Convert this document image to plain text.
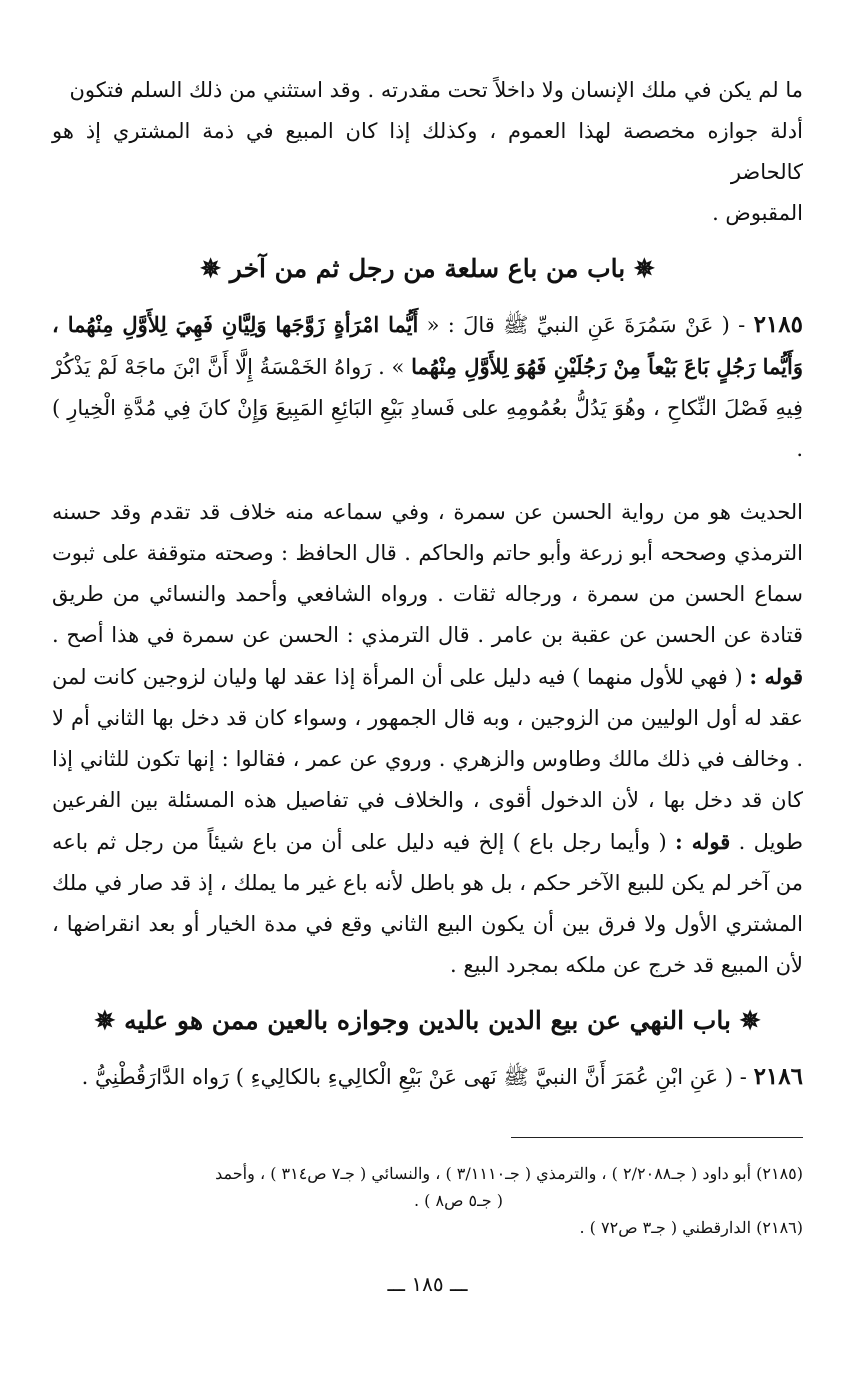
ما لم يكن في ملك الإنسان ولا داخلاً تحت مقدرته . وقد استثني من ذلك السلم فتكون

أدلة جوازه مخصصة لهذا العموم ، وكذلك إذا كان المبيع في ذمة المشتري إذ هو كالحاضر

المقبوض .

✵ باب من باع سلعة من رجل ثم من آخر ✵

٢١٨٥ - ( عَنْ سَمُرَةَ عَنِ النبيِّ ﷺ قالَ : « أَيُّما امْرَأةٍ زَوَّجَها وَلِيَّانِ فَهِيَ لِلأَوَّلِ مِنْهُما ، وَأَيُّما رَجُلٍ بَاعَ بَيْعاً مِنْ رَجُلَيْنِ فَهُوَ لِلأَوَّلِ مِنْهُما » . رَواهُ الخَمْسَةُ إِلَّا أَنَّ ابْنَ ماجَهْ لَمْ يَذْكُرْ فِيهِ فَصْلَ النِّكاحِ ، وهُوَ يَدُلُّ بعُمُومِهِ على فَسادِ بَيْعِ البَائِعِ المَبِيعَ وَإِنْ كانَ فِي مُدَّةِ الْخِيارِ ) .

الحديث هو من رواية الحسن عن سمرة ، وفي سماعه منه خلاف قد تقدم وقد حسنه الترمذي وصححه أبو زرعة وأبو حاتم والحاكم . قال الحافظ : وصحته متوقفة على ثبوت سماع الحسن من سمرة ، ورجاله ثقات . ورواه الشافعي وأحمد والنسائي من طريق قتادة عن الحسن عن عقبة بن عامر . قال الترمذي : الحسن عن سمرة في هذا أصح . قوله : ( فهي للأول منهما ) فيه دليل على أن المرأة إذا عقد لها وليان لزوجين كانت لمن عقد له أول الوليين من الزوجين ، وبه قال الجمهور ، وسواء كان قد دخل بها الثاني أم لا . وخالف في ذلك مالك وطاوس والزهري . وروي عن عمر ، فقالوا : إنها تكون للثاني إذا كان قد دخل بها ، لأن الدخول أقوى ، والخلاف في تفاصيل هذه المسئلة بين الفرعين طويل . قوله : ( وأيما رجل باع ) إلخ فيه دليل على أن من باع شيئاً من رجل ثم باعه من آخر لم يكن للبيع الآخر حكم ، بل هو باطل لأنه باع غير ما يملك ، إذ قد صار في ملك المشتري الأول ولا فرق بين أن يكون البيع الثاني وقع في مدة الخيار أو بعد انقراضها ، لأن المبيع قد خرج عن ملكه بمجرد البيع .

✵ باب النهي عن بيع الدين بالدين وجوازه بالعين ممن هو عليه ✵

٢١٨٦ - ( عَنِ ابْنِ عُمَرَ أَنَّ النبيَّ ﷺ نَهى عَنْ بَيْعِ الْكالِيءِ بالكالِيءِ ) رَواه الدَّارَقُطْنِيُّ .

(٢١٨٥) أبو داود ( جـ٢/٢٠٨٨ ) ، والترمذي ( جـ٣/١١١٠ ) ، والنسائي ( جـ٧ ص٣١٤ ) ، وأحمد
( جـ٥ ص٨ ) .
(٢١٨٦) الدارقطني ( جـ٣ ص٧٢ ) .
ـــ ١٨٥ ـــ
